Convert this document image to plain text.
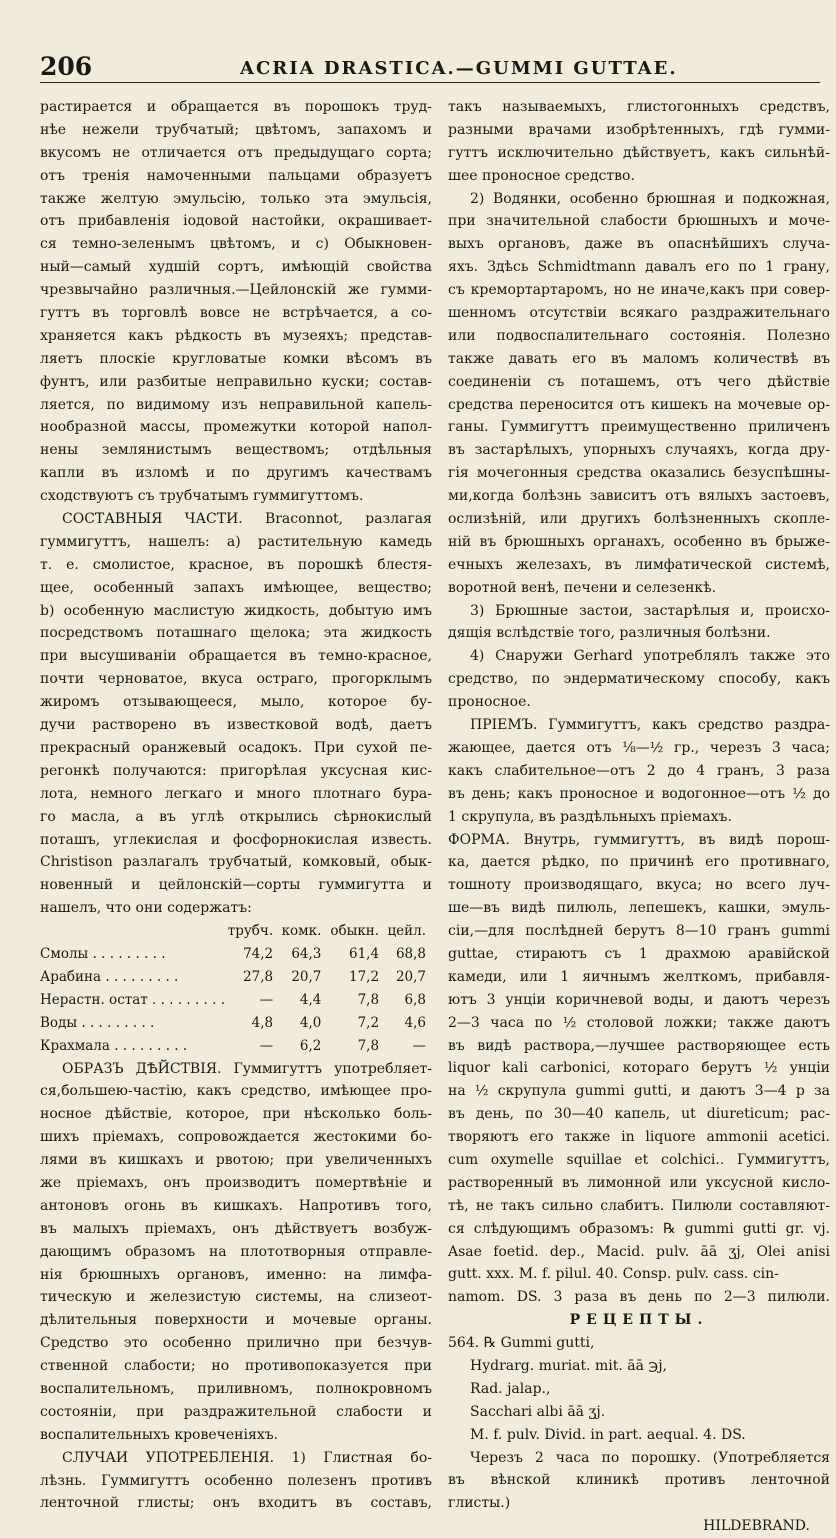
206	ACRIA DRASTICA.—GUMMI GUTTAE.
растирается и обращается въ порошокъ труд-
нѣе нежели трубчатый; цвѣтомъ, запахомъ и
вкусомъ не отличается отъ предыдущаго сорта;
отъ тренія намоченными пальцами образуетъ
также желтую эмульсію, только эта эмульсія,
отъ прибавленія іодовой настойки, окрашивает-
ся темно-зеленымъ цвѣтомъ, и с) Обыкновен-
ный—самый худшій сортъ, имѣющій свойства
чрезвычайно различныя.—Цейлонскій же гумми-
гуттъ въ торговлѣ вовсе не встрѣчается, а со-
храняется какъ рѣдкость въ музеяхъ; представ-
ляетъ плоскіе кругловатые комки вѣсомъ въ
фунтъ, или разбитые неправильно куски; состав-
ляется, по видимому изъ неправильной капель-
нообразной массы, промежутки которой напол-
нены землянистымъ веществомъ; отдѣльныя
капли въ изломѣ и по другимъ качествамъ
сходствуютъ съ трубчатымъ гуммигуттомъ.
СОСТАВНЫЯ ЧАСТИ. Braconnot, разлагая
гуммигуттъ, нашелъ: а) растительную камедь
т. е. смолистое, красное, въ порошкѣ блестя-
щее, особенный запахъ имѣющее, вещество;
b) особенную маслистую жидкость, добытую имъ
посредствомъ поташнаго щелока; эта жидкость
при высушиваніи обращается въ темно-красное,
почти черноватое, вкуса остраго, прогорклымъ
жиромъ отзывающееся, мыло, которое бу-
дучи растворено въ известковой водѣ, даетъ
прекрасный оранжевый осадокъ. При сухой пе-
регонкѣ получаются: пригорѣлая уксусная кис-
лота, немного легкаго и много плотнаго бура-
го масла, а въ углѣ открылись сѣрнокислый
поташъ, углекислая и фосфорнокислая известь.
Christison разлагалъ трубчатый, комковый, обык-
новенный и цейлонскій—сорты гуммигутта и
нашелъ, что они содержатъ:
	трубч.	комк.	обыкн.	цейл.
Смолы . . . . . . . . .	74,2	64,3	61,4	68,8
Арабина . . . . . . . . .	27,8	20,7	17,2	20,7
Нерастн. остат . . . . . . . . .	—	4,4	7,8	6,8
Воды . . . . . . . . .	4,8	4,0	7,2	4,6
Крахмала . . . . . . . . .	—	6,2	7,8	—
ОБРАЗЪ ДѢЙСТВІЯ. Гуммигуттъ употребляет-
ся,большею-частію, какъ средство, имѣющее про-
носное дѣйствіе, которое, при нѣсколько боль-
шихъ пріемахъ, сопровождается жестокими бо-
лями въ кишкахъ и рвотою; при увеличенныхъ
же пріемахъ, онъ производитъ помертвѣніе и
антоновъ огонь въ кишкахъ. Напротивъ того,
въ малыхъ пріемахъ, онъ дѣйствуетъ возбуж-
дающимъ образомъ на плототворныя отправле-
нія брюшныхъ органовъ, именно: на лимфа-
тическую и железистую системы, на слизеот-
дѣлительныя поверхности и мочевые органы.
Средство это особенно прилично при безчув-
ственной слабости; но противопоказуется при
воспалительномъ, приливномъ, полнокровномъ
состояніи, при раздражительной слабости и
воспалительныхъ кровеченіяхъ.
СЛУЧАИ УПОТРЕБЛЕНІЯ. 1) Глистная бо-
лѣзнь. Гуммигуттъ особенно полезенъ противъ
ленточной глисты; онъ входитъ въ составъ,
такъ называемыхъ, глистогонныхъ средствъ,
разными врачами изобрѣтенныхъ, гдѣ гумми-
гуттъ исключительно дѣйствуетъ, какъ сильнѣй-
шее проносное средство.
2) Водянки, особенно брюшная и подкожная,
при значительной слабости брюшныхъ и моче-
выхъ органовъ, даже въ опаснѣйшихъ случа-
яхъ. Здѣсь Schmidtmann давалъ его по 1 грану,
съ кремортартаромъ, но не иначе,какъ при совер-
шенномъ отсутствіи всякаго раздражительнаго
или подвоспалительнаго состоянія. Полезно
также давать его въ маломъ количествѣ въ
соединеніи съ поташемъ, отъ чего дѣйствіе
средства переносится отъ кишекъ на мочевые ор-
ганы. Гуммигуттъ преимущественно приличенъ
въ застарѣлыхъ, упорныхъ случаяхъ, когда дру-
гія мочегонныя средства оказались безуспѣшны-
ми,когда болѣзнь зависитъ отъ вялыхъ застоевъ,
ослизѣній, или другихъ болѣзненныхъ скопле-
ній въ брюшныхъ органахъ, особенно въ брыже-
ечныхъ железахъ, въ лимфатической системѣ,
воротной венѣ, печени и селезенкѣ.
3) Брюшные застои, застарѣлыя и, происхо-
дящія вслѣдствіе того, различныя болѣзни.
4) Снаружи Gerhard употреблялъ также это
средство, по эндерматическому способу, какъ
проносное.
ПРІЕМЪ. Гуммигуттъ, какъ средство раздра-
жающее, дается отъ ⅛—½ гр., черезъ 3 часа;
какъ слабительное—отъ 2 до 4 гранъ, 3 раза
въ день; какъ проносное и водогонное—отъ ½ до
1 скрупула, въ раздѣльныхъ пріемахъ.
ФОРМА. Внутрь, гуммигуттъ, въ видѣ порош-
ка, дается рѣдко, по причинѣ его противнаго,
тошноту производящаго, вкуса; но всего луч-
ше—въ видѣ пилюль, лепешекъ, кашки, эмуль-
сіи,—для послѣдней берутъ 8—10 гранъ gummi
guttae, стираютъ съ 1 драхмою аравійской
камеди, или 1 яичнымъ желткомъ, прибавля-
ютъ 3 унціи коричневой воды, и даютъ черезъ
2—3 часа по ½ столовой ложки; также даютъ
въ видѣ раствора,—лучшее растворяющее есть
liquor kali carbonici, котораго берутъ ½ унціи
на ½ скрупула gummi gutti, и даютъ 3—4 р за
въ день, по 30—40 капель, ut diureticum; рас-
творяютъ его также in liquore ammonii acetici.
cum oxymelle squillae et colchici.. Гуммигуттъ,
растворенный въ лимонной или уксусной кисло-
тѣ, не такъ сильно слабитъ. Пилюли составляют-
ся слѣдующимъ образомъ: ℞ gummi gutti gr. vj.
Asae foetid. dep., Macid. pulv. āā ʒj, Olei anisi
gutt. xxx. M. f. pilul. 40. Consp. pulv. cass. cin-
namom. DS. 3 раза въ день по 2—3 пилюли.
РЕЦЕПТЫ.
564. ℞ Gummi gutti,
Hydrarg. muriat. mit. āā ℈j,
Rad. jalap.,
Sacchari albi āā ʒj.
M. f. pulv. Divid. in part. aequal. 4. DS.
Черезъ 2 часа по порошку. (Употребляется
въ вѣнской клиникѣ противъ ленточной
глисты.)
HILDEBRAND.
